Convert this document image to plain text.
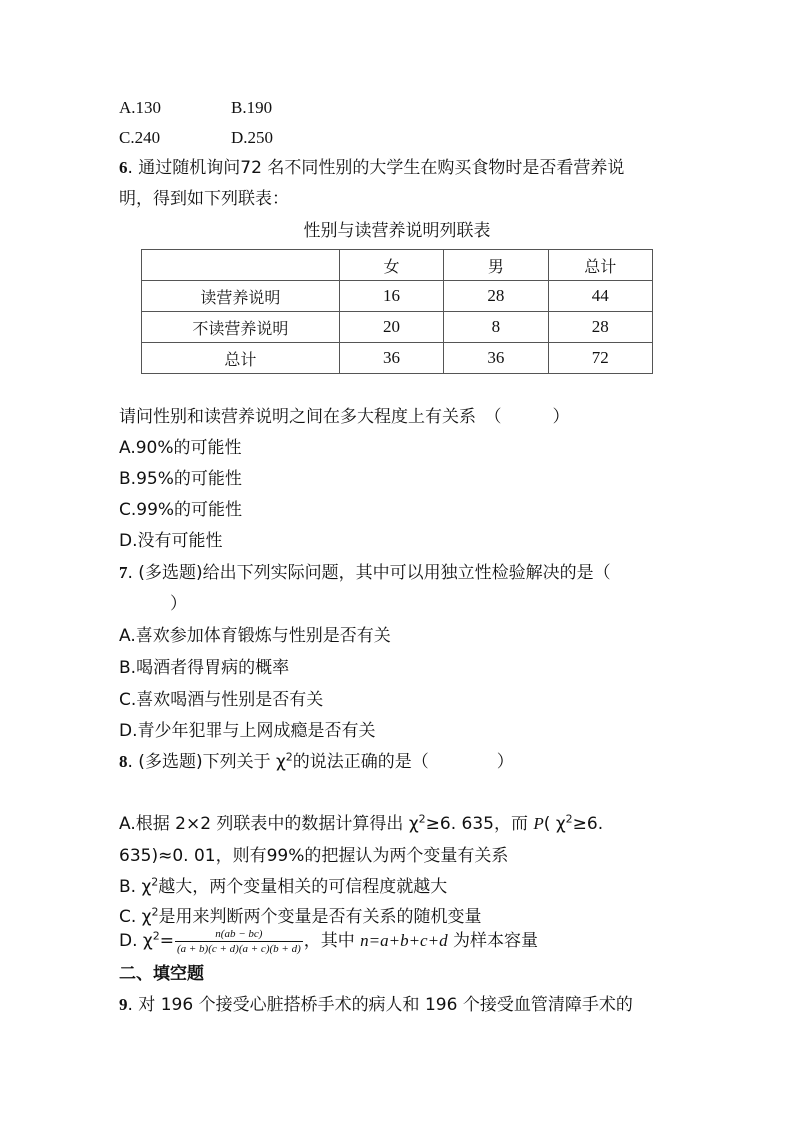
A.130	B.190
C.240	D.250
6. 通过随机询问72 名不同性别的大学生在购买食物时是否看营养说
明，得到如下列联表：
性别与读营养说明列联表
	女	男	总计
读营养说明	16	28	44
不读营养说明	20	8	28
总计	36	36	72
请问性别和读营养说明之间在多大程度上有关系　（　　　）
A.90%的可能性
B.95%的可能性
C.99%的可能性
D.没有可能性
7. (多选题)给出下列实际问题，其中可以用独立性检验解决的是（
　　　）
A.喜欢参加体育锻炼与性别是否有关
B.喝酒者得胃病的概率
C.喜欢喝酒与性别是否有关
D.青少年犯罪与上网成瘾是否有关
8. (多选题)下列关于 $\chi^2$的说法正确的是（　　　　）
A.根据 2×2 列联表中的数据计算得出 $\chi^2\ge 6$. 635，而 P( $\chi^2\ge 6$.
635)≈0. 01，则有99%的把握认为两个变量有关系
B. $\chi^2$越大，两个变量相关的可信程度就越大
C. $\chi^2$是用来判断两个变量是否有关系的随机变量
D. $\chi^2= \frac{n(ab - bc)}{(a + b)(c + d)(a + c)(b + d)}$ ，其中 n=a+b+c+d 为样本容量
二、填空题
9. 对 196 个接受心脏搭桥手术的病人和 196 个接受血管清障手术的
